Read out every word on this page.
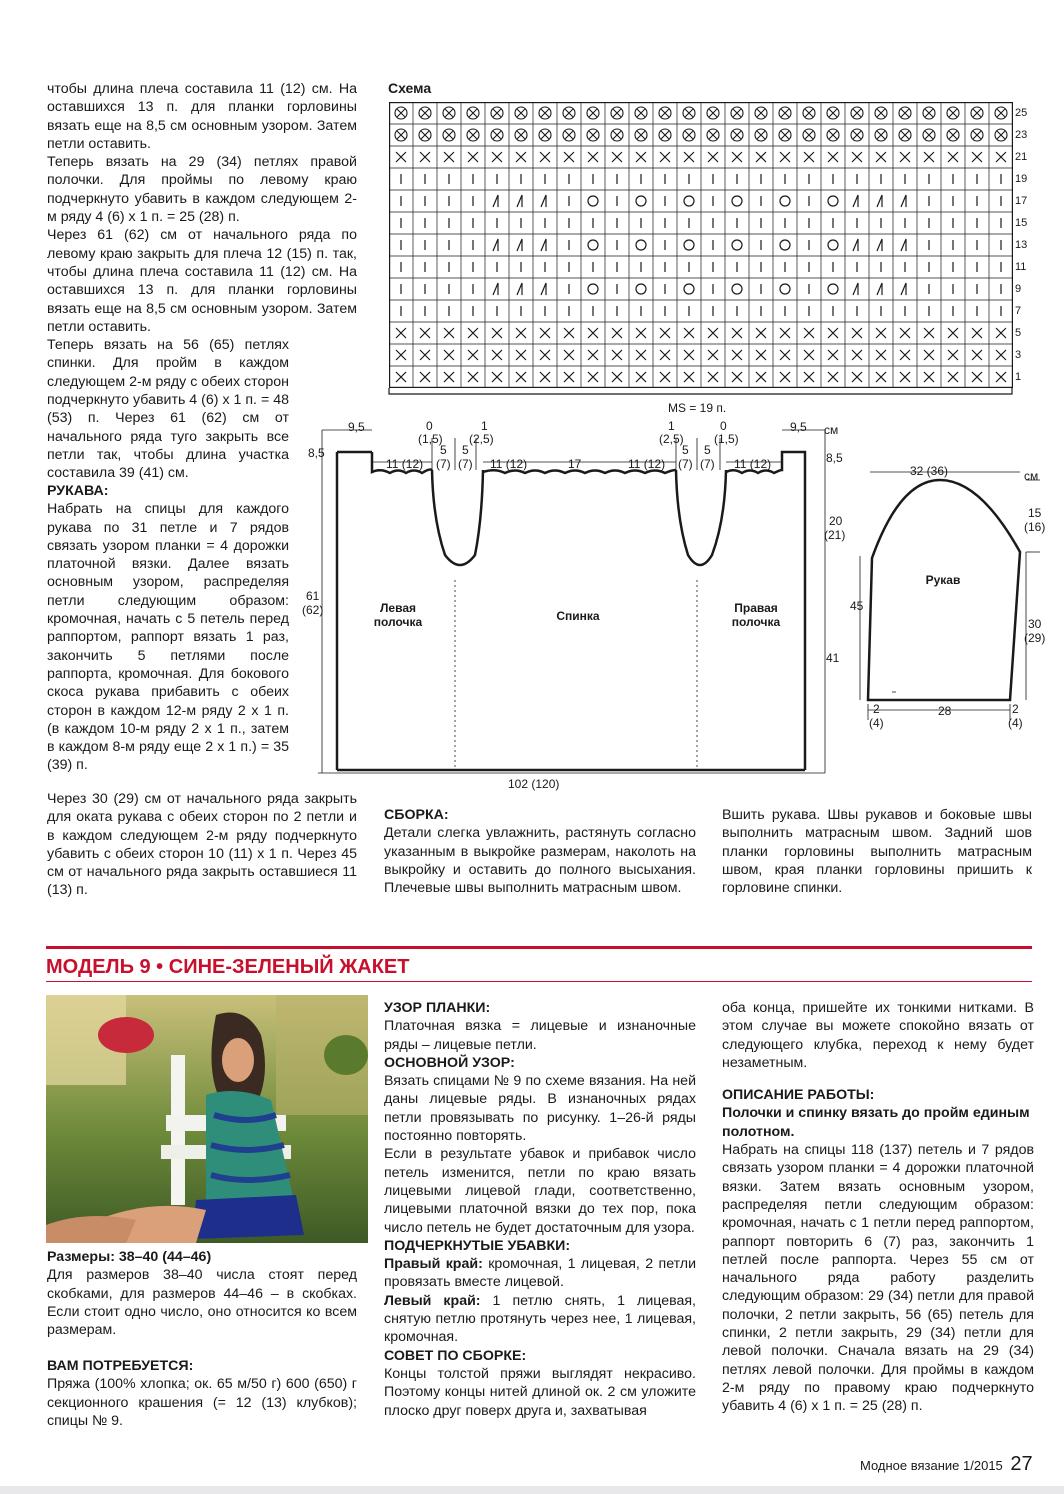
чтобы длина плеча составила 11 (12) см. На оставшихся 13 п. для планки горловины вязать еще на 8,5 см основным узором. Затем петли оставить.

Теперь вязать на 29 (34) петлях правой полочки. Для проймы по левому краю подчеркнуто убавить в каждом следующем 2-м ряду 4 (6) х 1 п. = 25 (28) п.

Через 61 (62) см от начального ряда по левому краю закрыть для плеча 12 (15) п. так, чтобы длина плеча составила 11 (12) см. На оставшихся 13 п. для планки горловины вязать еще на 8,5 см основным узором. Затем петли оставить.

Теперь вязать на 56 (65) петлях спинки. Для пройм в каждом следующем 2-м ряду с обеих сторон подчеркнуто убавить 4 (6) х 1 п. = 48 (53) п. Через 61 (62) см от начального ряда туго закрыть все петли так, чтобы длина участка составила 39 (41) см.

РУКАВА:

Набрать на спицы для каждого рукава по 31 петле и 7 рядов связать узором планки = 4 дорожки платочной вязки. Далее вязать основным узором, распределяя петли следующим образом: кромочная, начать с 5 петель перед раппортом, раппорт вязать 1 раз, закончить 5 петлями после раппорта, кромочная. Для бокового скоса рукава прибавить с обеих сторон в каждом 12-м ряду 2 х 1 п. (в каждом 10-м ряду 2 х 1 п., затем в каждом 8-м ряду еще 2 х 1 п.) = 35 (39) п.

Через 30 (29) см от начального ряда закрыть для оката рукава с обеих сторон по 2 петли и в каждом следующем 2-м ряду подчеркнуто убавить с обеих сторон 10 (11) х 1 п. Через 45 см от начального ряда закрыть оставшиеся 11 (13) п.
Схема
25
23
21
19
17
15
13
11
9
7
5
3
1
MS = 19 п.
9,5	9,5 см
8,5	8,5
0
(1,5)
1
(2,5)
1
(2,5)
0
(1,5)
5
(7)
5
(7)
5
(7)
5
(7)
11 (12)	11 (12)	17	11 (12)	11 (12)
20
(21)
61
(62)
41
Левая
полочка	Спинка
Правая
полочка
102 (120)
32 (36)	см
15
(16)
Рукав
45
30
(29)
2
(4)
28	2
(4)

СБОРКА:

Детали слегка увлажнить, растянуть согласно указанным в выкройке размерам, наколоть на выкройку и оставить до полного высыхания. Плечевые швы выполнить матрасным швом.

Вшить рукава. Швы рукавов и боковые швы выполнить матрасным швом. Задний шов планки горловины выполнить матрасным швом, края планки горловины пришить к горловине спинки.
МОДЕЛЬ 9 • СИНЕ-ЗЕЛЕНЫЙ ЖАКЕТ

Размеры: 38–40 (44–46)

Для размеров 38–40 числа стоят перед скобками, для размеров 44–46 – в скобках. Если стоит одно число, оно относится ко всем размерам.

ВАМ ПОТРЕБУЕТСЯ:

Пряжа (100% хлопка; ок. 65 м/50 г) 600 (650) г секционного крашения (= 12 (13) клубков); спицы № 9.

УЗОР ПЛАНКИ:

Платочная вязка = лицевые и изнаночные ряды – лицевые петли.

ОСНОВНОЙ УЗОР:

Вязать спицами № 9 по схеме вязания. На ней даны лицевые ряды. В изнаночных рядах петли провязывать по рисунку. 1–26-й ряды постоянно повторять.

Если в результате убавок и прибавок число петель изменится, петли по краю вязать лицевыми лицевой глади, соответственно, лицевыми платочной вязки до тех пор, пока число петель не будет достаточным для узора.

ПОДЧЕРКНУТЫЕ УБАВКИ:

Правый край: кромочная, 1 лицевая, 2 петли провязать вместе лицевой.

Левый край: 1 петлю снять, 1 лицевая, снятую петлю протянуть через нее, 1 лицевая, кромочная.

СОВЕТ ПО СБОРКЕ:

Концы толстой пряжи выглядят некрасиво. Поэтому концы нитей длиной ок. 2 см уложите плоско друг поверх друга и, захватывая

оба конца, пришейте их тонкими нитками. В этом случае вы можете спокойно вязать от следующего клубка, переход к нему будет незаметным.

ОПИСАНИЕ РАБОТЫ:

Полочки и спинку вязать до пройм единым полотном.

Набрать на спицы 118 (137) петель и 7 рядов связать узором планки = 4 дорожки платочной вязки. Затем вязать основным узором, распределяя петли следующим образом: кромочная, начать с 1 петли перед раппортом, раппорт повторить 6 (7) раз, закончить 1 петлей после раппорта. Через 55 см от начального ряда работу разделить следующим образом: 29 (34) петли для правой полочки, 2 петли закрыть, 56 (65) петель для спинки, 2 петли закрыть, 29 (34) петли для левой полочки. Сначала вязать на 29 (34) петлях левой полочки. Для проймы в каждом 2-м ряду по правому краю подчеркнуто убавить 4 (6) х 1 п. = 25 (28) п.

Модное вязание 1/2015 27
